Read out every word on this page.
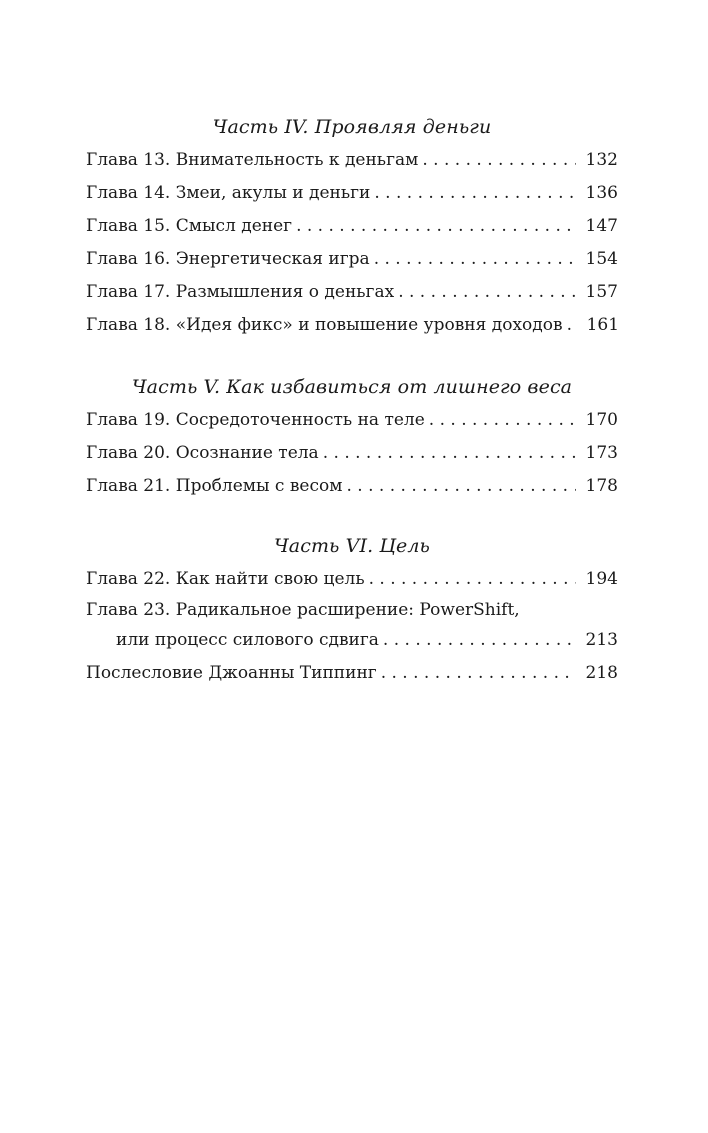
Часть IV. Проявляя деньги
Глава 13. Внимательность к деньгам . . .	132
Глава 14. Змеи, акулы и деньги . . .	136
Глава 15. Смысл денег . . .	147
Глава 16. Энергетическая игра . . .	154
Глава 17. Размышления о деньгах . . .	157
Глава 18. «Идея фикс» и повышение уровня доходов . . .	161
Часть V. Как избавиться от лишнего веса
Глава 19. Сосредоточенность на теле . . .	170
Глава 20. Осознание тела . . .	173
Глава 21. Проблемы с весом . . .	178
Часть VI. Цель
Глава 22. Как найти свою цель . . .	194
Глава 23. Радикальное расширение: PowerShift,
или процесс силового сдвига . . .	213
Послесловие Джоанны Типпинг . . .	218
